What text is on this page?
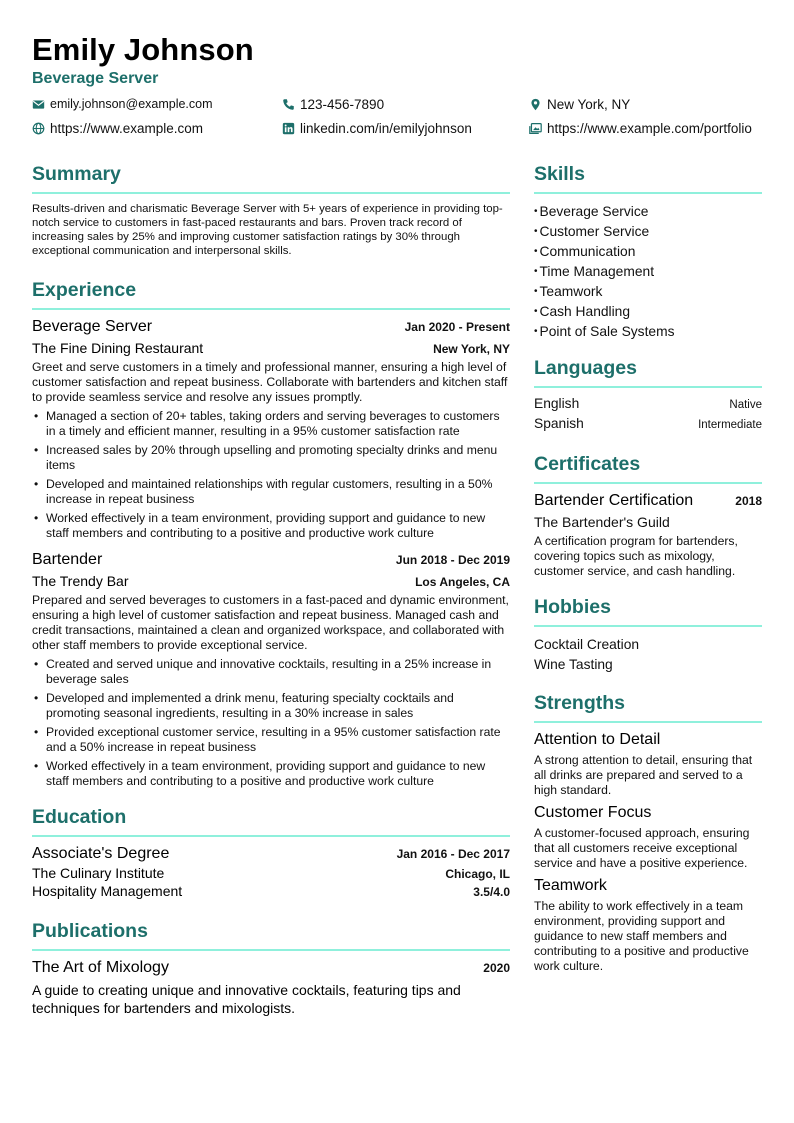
Emily Johnson
Beverage Server
emily.johnson@example.com	123-456-7890	New York, NY
https://www.example.com	linkedin.com/in/emilyjohnson	https://www.example.com/portfolio
Summary
Results-driven and charismatic Beverage Server with 5+ years of experience in providing top-notch service to customers in fast-paced restaurants and bars. Proven track record of increasing sales by 25% and improving customer satisfaction ratings by 30% through exceptional communication and interpersonal skills.
Experience
Beverage Server	Jan 2020 - Present
The Fine Dining Restaurant	New York, NY
Greet and serve customers in a timely and professional manner, ensuring a high level of customer satisfaction and repeat business. Collaborate with bartenders and kitchen staff to provide seamless service and resolve any issues promptly.
• Managed a section of 20+ tables, taking orders and serving beverages to customers in a timely and efficient manner, resulting in a 95% customer satisfaction rate
• Increased sales by 20% through upselling and promoting specialty drinks and menu items
• Developed and maintained relationships with regular customers, resulting in a 50% increase in repeat business
• Worked effectively in a team environment, providing support and guidance to new staff members and contributing to a positive and productive work culture
Bartender	Jun 2018 - Dec 2019
The Trendy Bar	Los Angeles, CA
Prepared and served beverages to customers in a fast-paced and dynamic environment, ensuring a high level of customer satisfaction and repeat business. Managed cash and credit transactions, maintained a clean and organized workspace, and collaborated with other staff members to provide exceptional service.
• Created and served unique and innovative cocktails, resulting in a 25% increase in beverage sales
• Developed and implemented a drink menu, featuring specialty cocktails and promoting seasonal ingredients, resulting in a 30% increase in sales
• Provided exceptional customer service, resulting in a 95% customer satisfaction rate and a 50% increase in repeat business
• Worked effectively in a team environment, providing support and guidance to new staff members and contributing to a positive and productive work culture
Education
Associate's Degree	Jan 2016 - Dec 2017
The Culinary Institute	Chicago, IL
Hospitality Management	3.5/4.0
Publications
The Art of Mixology	2020
A guide to creating unique and innovative cocktails, featuring tips and techniques for bartenders and mixologists.
Skills
• Beverage Service
• Customer Service
• Communication
• Time Management
• Teamwork
• Cash Handling
• Point of Sale Systems
Languages
English	Native
Spanish	Intermediate
Certificates
Bartender Certification	2018
The Bartender's Guild
A certification program for bartenders, covering topics such as mixology, customer service, and cash handling.
Hobbies
Cocktail Creation
Wine Tasting
Strengths
Attention to Detail
A strong attention to detail, ensuring that all drinks are prepared and served to a high standard.
Customer Focus
A customer-focused approach, ensuring that all customers receive exceptional service and have a positive experience.
Teamwork
The ability to work effectively in a team environment, providing support and guidance to new staff members and contributing to a positive and productive work culture.
